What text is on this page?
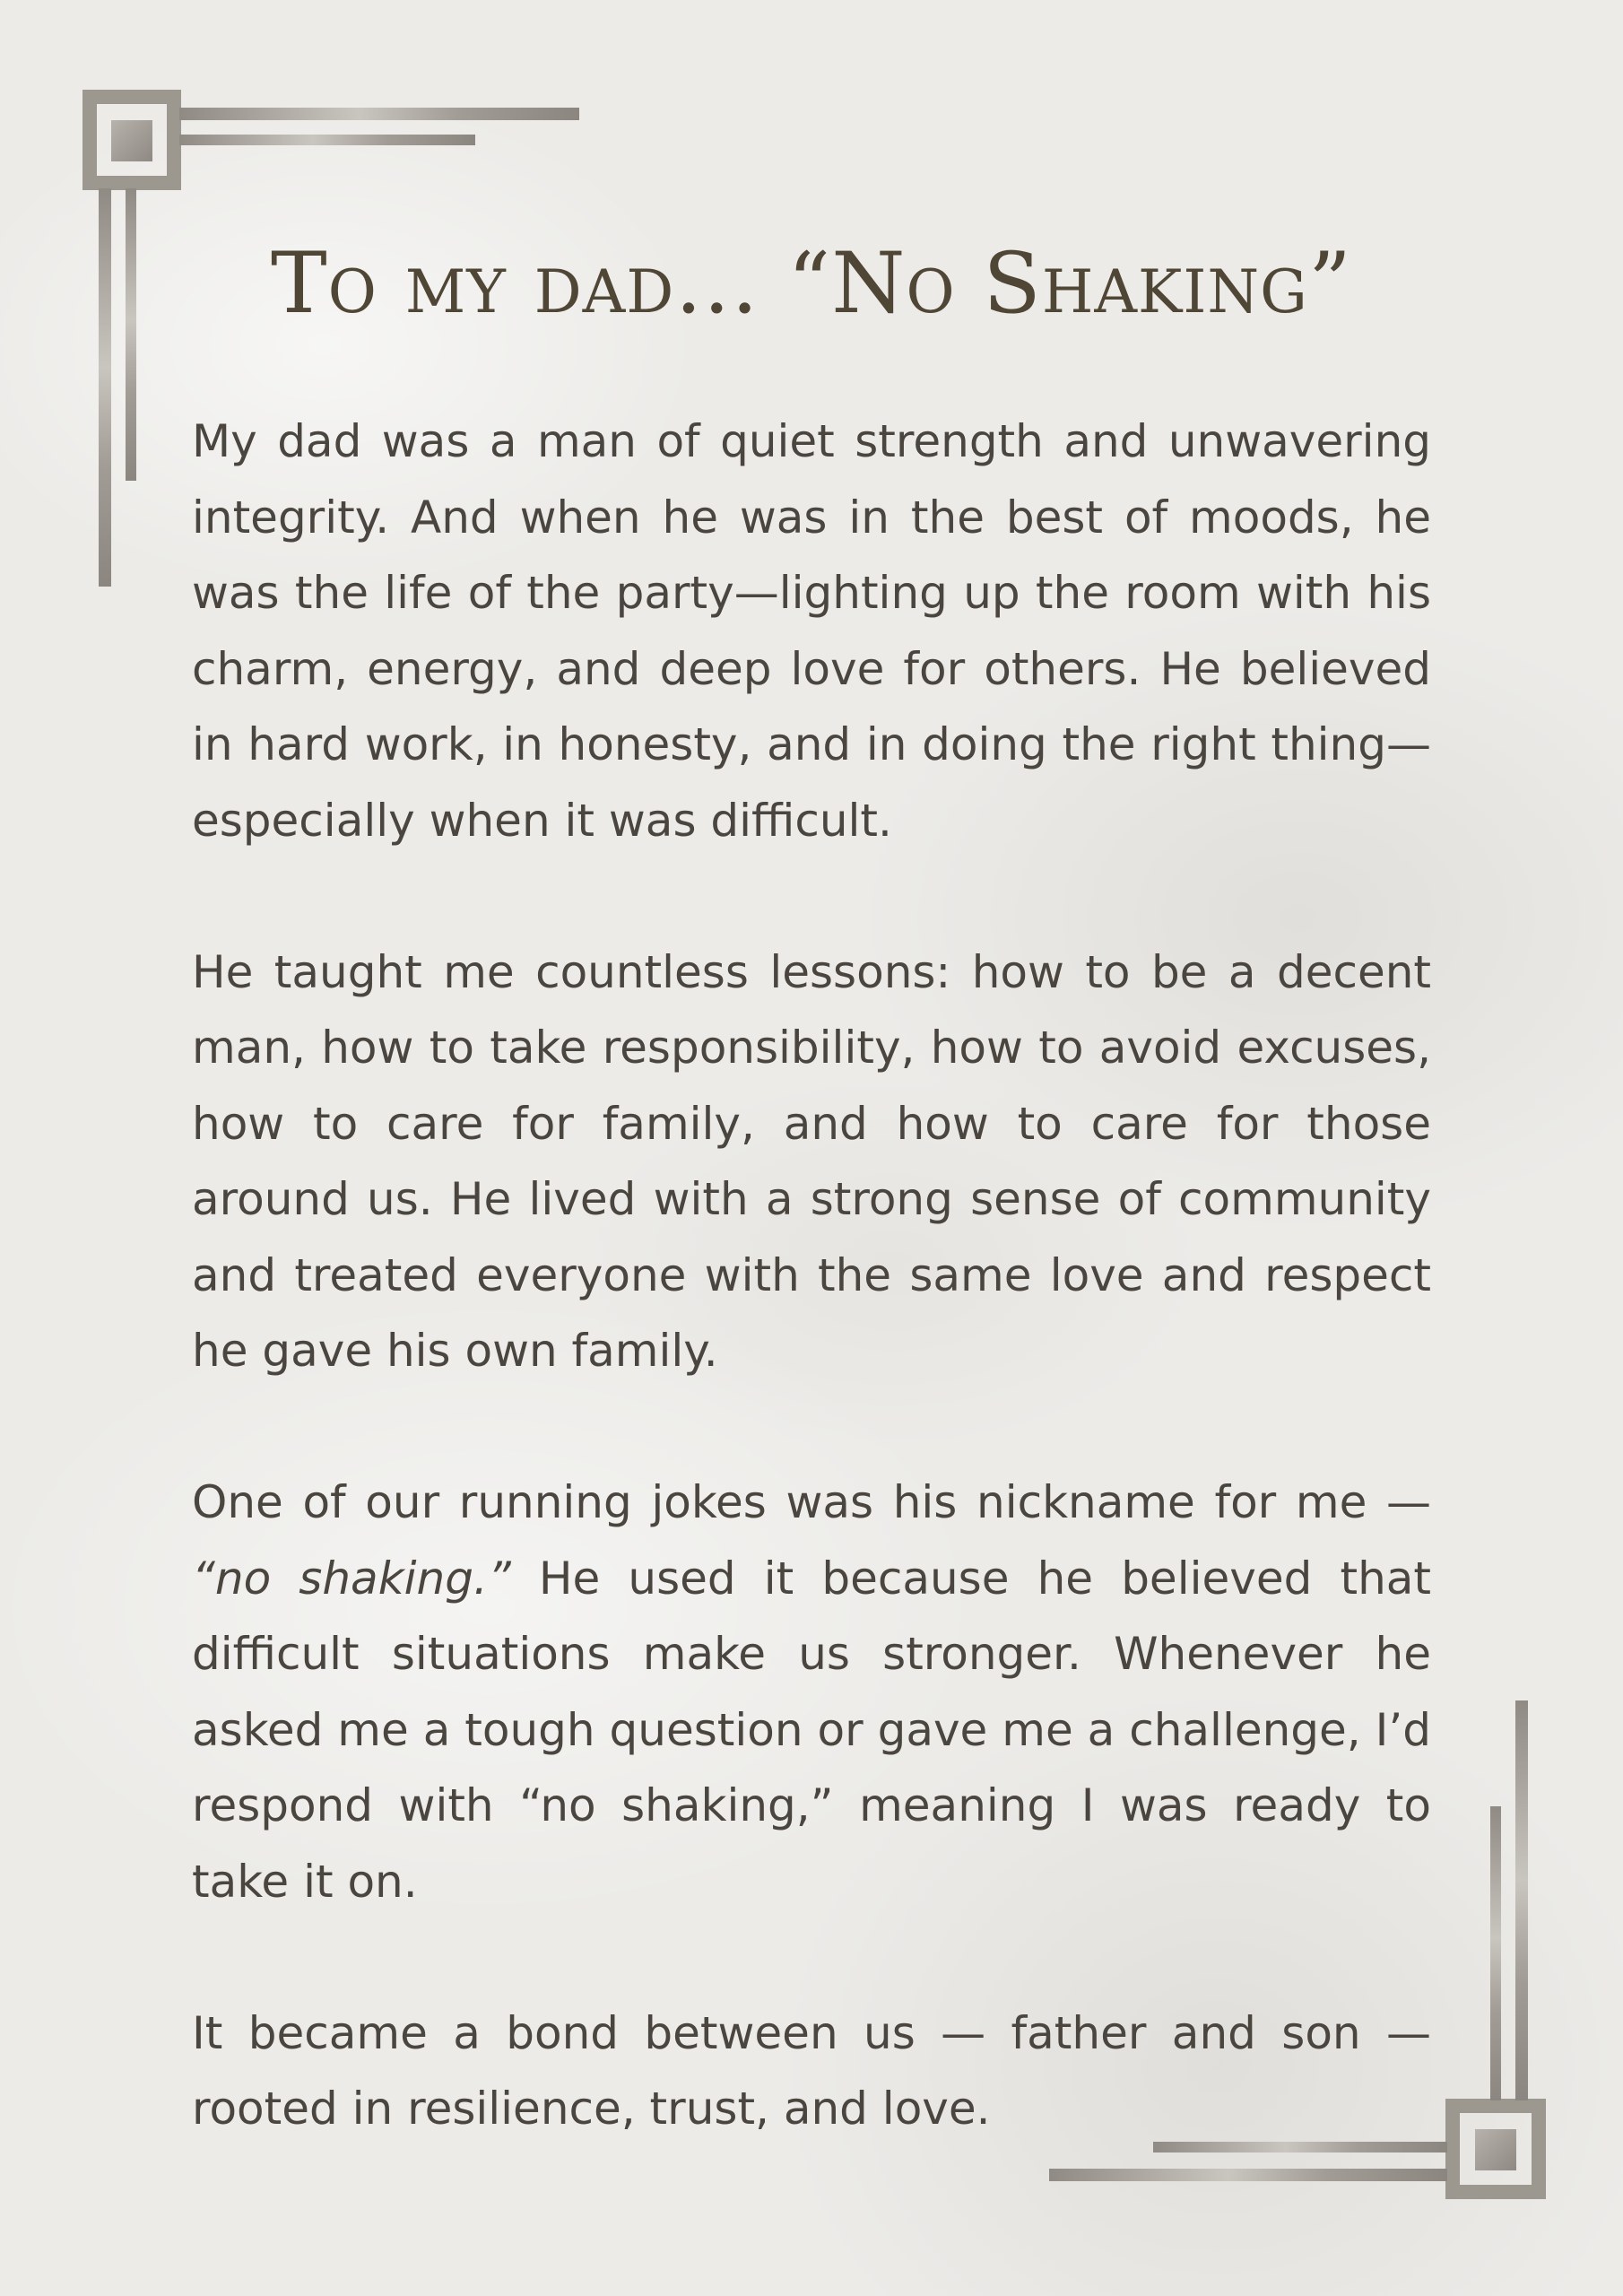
To my dad… “No Shaking”

My dad was a man of quiet strength and unwavering integrity. And when he was in the best of moods, he was the life of the party—lighting up the room with his charm, energy, and deep love for others. He believed in hard work, in honesty, and in doing the right thing—especially when it was difficult.

He taught me countless lessons: how to be a decent man, how to take responsibility, how to avoid excuses, how to care for family, and how to care for those around us. He lived with a strong sense of community and treated everyone with the same love and respect he gave his own family.

One of our running jokes was his nickname for me — “no shaking.” He used it because he believed that difficult situations make us stronger. Whenever he asked me a tough question or gave me a challenge, I’d respond with “no shaking,” meaning I was ready to take it on.

It became a bond between us — father and son — rooted in resilience, trust, and love.
